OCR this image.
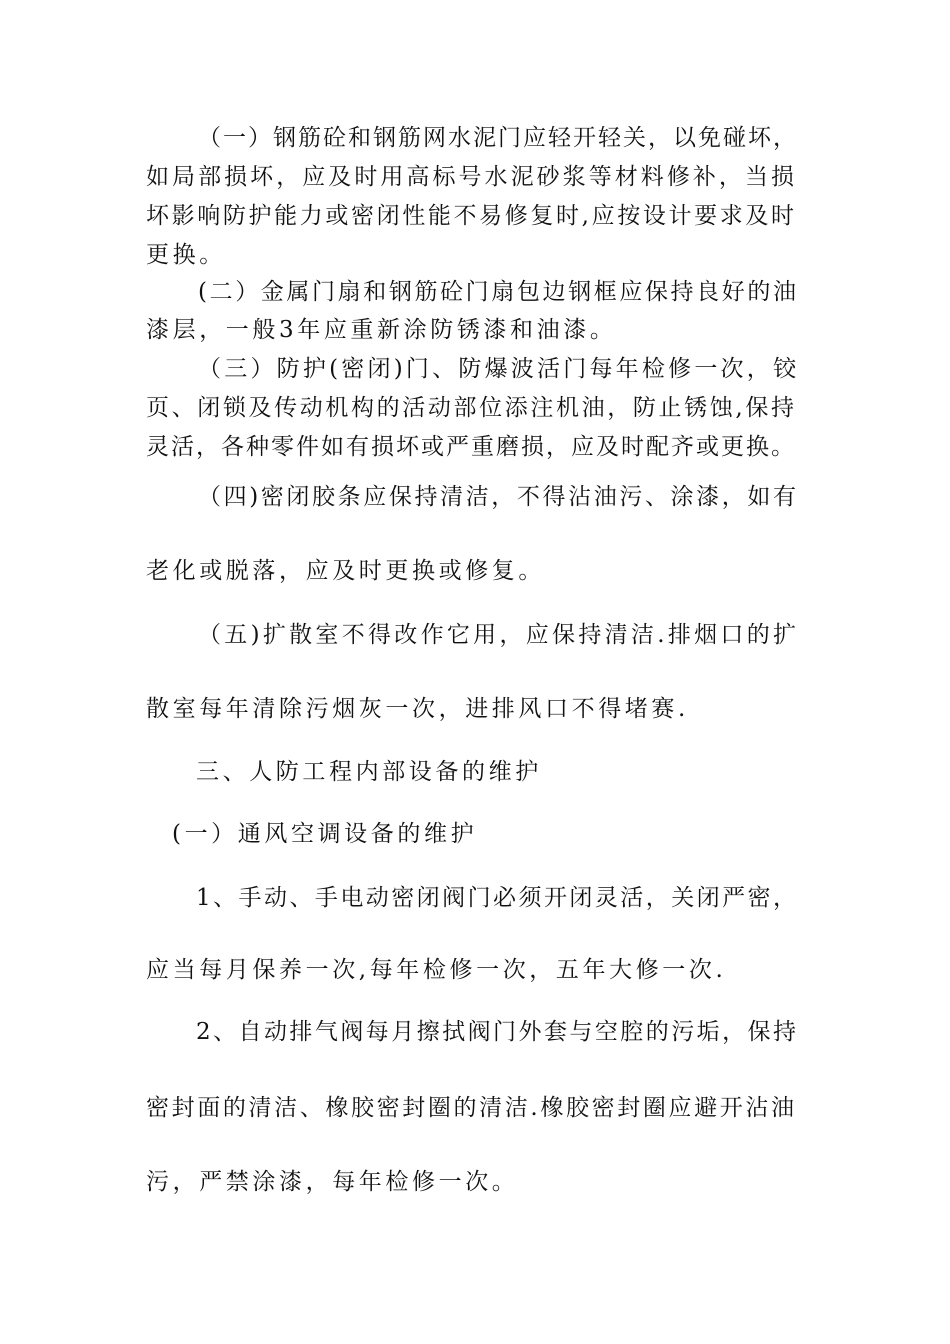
（一）钢筋砼和钢筋网水泥门应轻开轻关，以免碰坏，

如局部损坏，应及时用高标号水泥砂浆等材料修补，当损

坏影响防护能力或密闭性能不易修复时,应按设计要求及时

更换。

(二）金属门扇和钢筋砼门扇包边钢框应保持良好的油

漆层，一般3年应重新涂防锈漆和油漆。

（三）防护(密闭)门、防爆波活门每年检修一次，铰

页、闭锁及传动机构的活动部位添注机油，防止锈蚀,保持

灵活，各种零件如有损坏或严重磨损，应及时配齐或更换。

（四)密闭胶条应保持清洁，不得沾油污、涂漆，如有

老化或脱落，应及时更换或修复。

（五)扩散室不得改作它用，应保持清洁.排烟口的扩

散室每年清除污烟灰一次，进排风口不得堵赛.

三、人防工程内部设备的维护

(一）通风空调设备的维护

1、手动、手电动密闭阀门必须开闭灵活，关闭严密，

应当每月保养一次,每年检修一次，五年大修一次.

2、自动排气阀每月擦拭阀门外套与空腔的污垢，保持

密封面的清洁、橡胶密封圈的清洁.橡胶密封圈应避开沾油

污，严禁涂漆，每年检修一次。
